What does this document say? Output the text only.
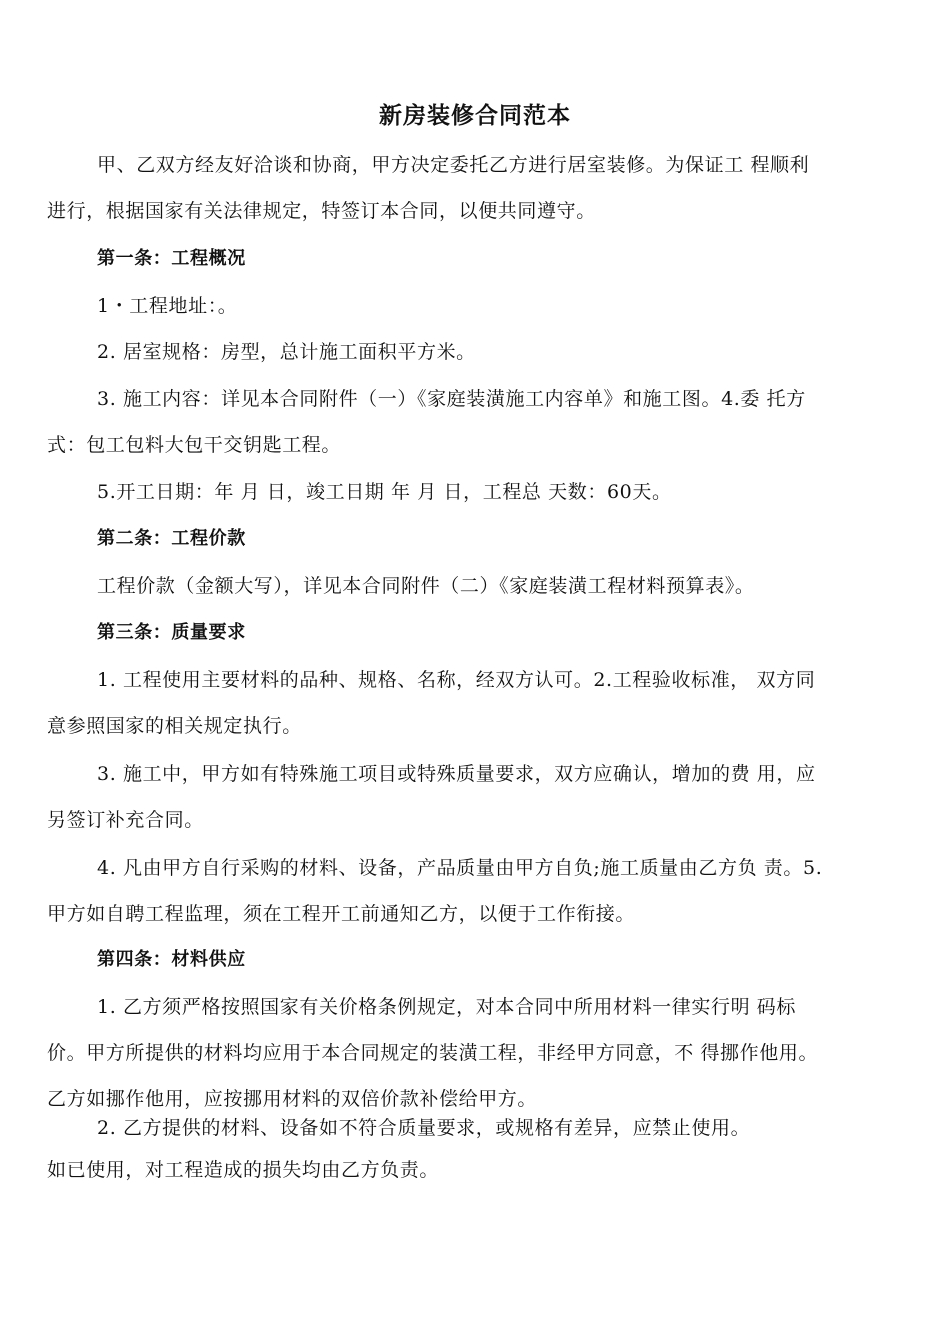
新房装修合同范本
甲、乙双方经友好洽谈和协商，甲方决定委托乙方进行居室装修。为保证工 程顺利
进行，根据国家有关法律规定，特签订本合同，以便共同遵守。
第一条：工程概况
1・工程地址：。
2. 居室规格：房型，总计施工面积平方米。
3. 施工内容：详见本合同附件（一）《家庭装潢施工内容单》和施工图。4.委 托方
式：包工包料大包干交钥匙工程。
5.开工日期：年 月 日，竣工日期 年 月 日，工程总 天数：60天。
第二条：工程价款
工程价款（金额大写），详见本合同附件（二）《家庭装潢工程材料预算表》。
第三条：质量要求
1. 工程使用主要材料的品种、规格、名称，经双方认可。2.工程验收标准， 双方同
意参照国家的相关规定执行。
3. 施工中，甲方如有特殊施工项目或特殊质量要求，双方应确认，增加的费 用，应
另签订补充合同。
4. 凡由甲方自行采购的材料、设备，产品质量由甲方自负;施工质量由乙方负 责。5.
甲方如自聘工程监理，须在工程开工前通知乙方，以便于工作衔接。
第四条：材料供应
1. 乙方须严格按照国家有关价格条例规定，对本合同中所用材料一律实行明 码标
价。甲方所提供的材料均应用于本合同规定的装潢工程，非经甲方同意，不 得挪作他用。
乙方如挪作他用，应按挪用材料的双倍价款补偿给甲方。
2. 乙方提供的材料、设备如不符合质量要求，或规格有差异，应禁止使用。
如已使用，对工程造成的损失均由乙方负责。
